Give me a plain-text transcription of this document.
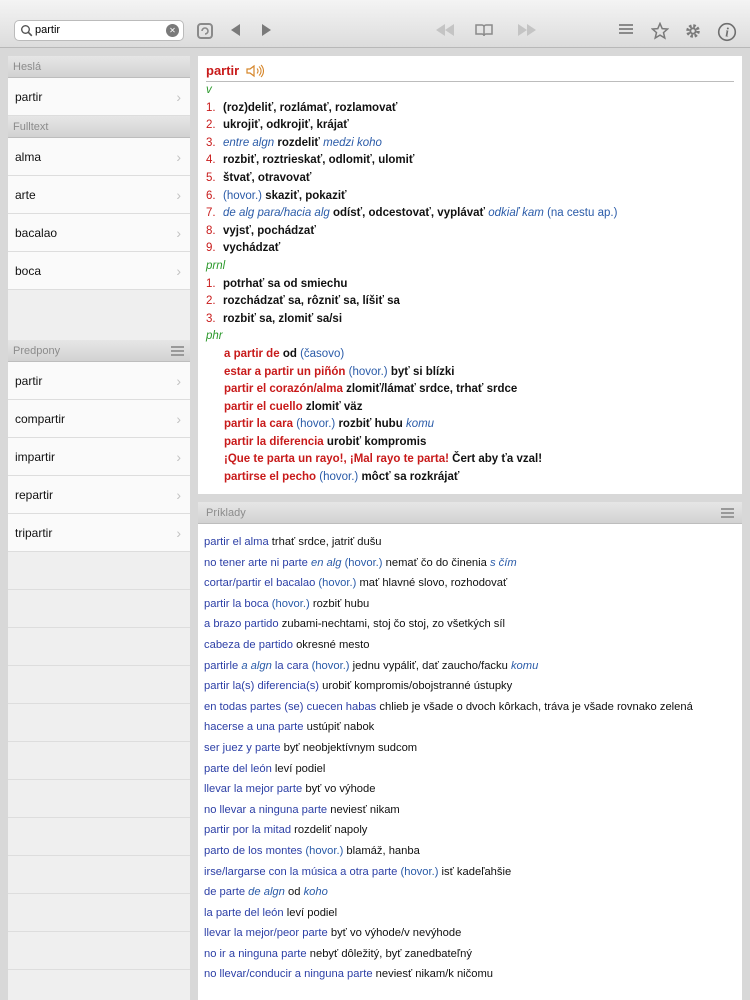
partir	✕	i
Heslá
partir	›
Fulltext
alma	›
arte	›
bacalao	›
boca	›
Predpony
partir	›
compartir	›
impartir	›
repartir	›
tripartir	›
partir
v
1. (roz)deliť, rozlámať, rozlamovať
2. ukrojiť, odkrojiť, krájať
3. entre algn rozdeliť medzi koho
4. rozbiť, roztrieskať, odlomiť, ulomiť
5. štvať, otravovať
6. (hovor.) skaziť, pokaziť
7. de alg para/hacia alg odísť, odcestovať, vyplávať odkiaľ kam (na cestu ap.)
8. vyjsť, pochádzať
9. vychádzať
prnl
1. potrhať sa od smiechu
2. rozchádzať sa, rôzniť sa, líšiť sa
3. rozbiť sa, zlomiť sa/si
phr
a partir de od (časovo)
estar a partir un piñón (hovor.) byť si blízki
partir el corazón/alma zlomiť/lámať srdce, trhať srdce
partir el cuello zlomiť väz
partir la cara (hovor.) rozbiť hubu komu
partir la diferencia urobiť kompromis
¡Que te parta un rayo!, ¡Mal rayo te parta! Čert aby ťa vzal!
partirse el pecho (hovor.) môcť sa rozkrájať
Príklady
partir el alma trhať srdce, jatriť dušu
no tener arte ni parte en alg (hovor.) nemať čo do činenia s čím
cortar/partir el bacalao (hovor.) mať hlavné slovo, rozhodovať
partir la boca (hovor.) rozbiť hubu
a brazo partido zubami-nechtami, stoj čo stoj, zo všetkých síl
cabeza de partido okresné mesto
partirle a algn la cara (hovor.) jednu vypáliť, dať zaucho/facku komu
partir la(s) diferencia(s) urobiť kompromis/obojstranné ústupky
en todas partes (se) cuecen habas chlieb je všade o dvoch kôrkach, tráva je všade rovnako zelená
hacerse a una parte ustúpiť nabok
ser juez y parte byť neobjektívnym sudcom
parte del león leví podiel
llevar la mejor parte byť vo výhode
no llevar a ninguna parte neviesť nikam
partir por la mitad rozdeliť napoly
parto de los montes (hovor.) blamáž, hanba
irse/largarse con la música a otra parte (hovor.) isť kadeľahšie
de parte de algn od koho
la parte del león leví podiel
llevar la mejor/peor parte byť vo výhode/v nevýhode
no ir a ninguna parte nebyť dôležitý, byť zanedbateľný
no llevar/conducir a ninguna parte neviesť nikam/k ničomu
